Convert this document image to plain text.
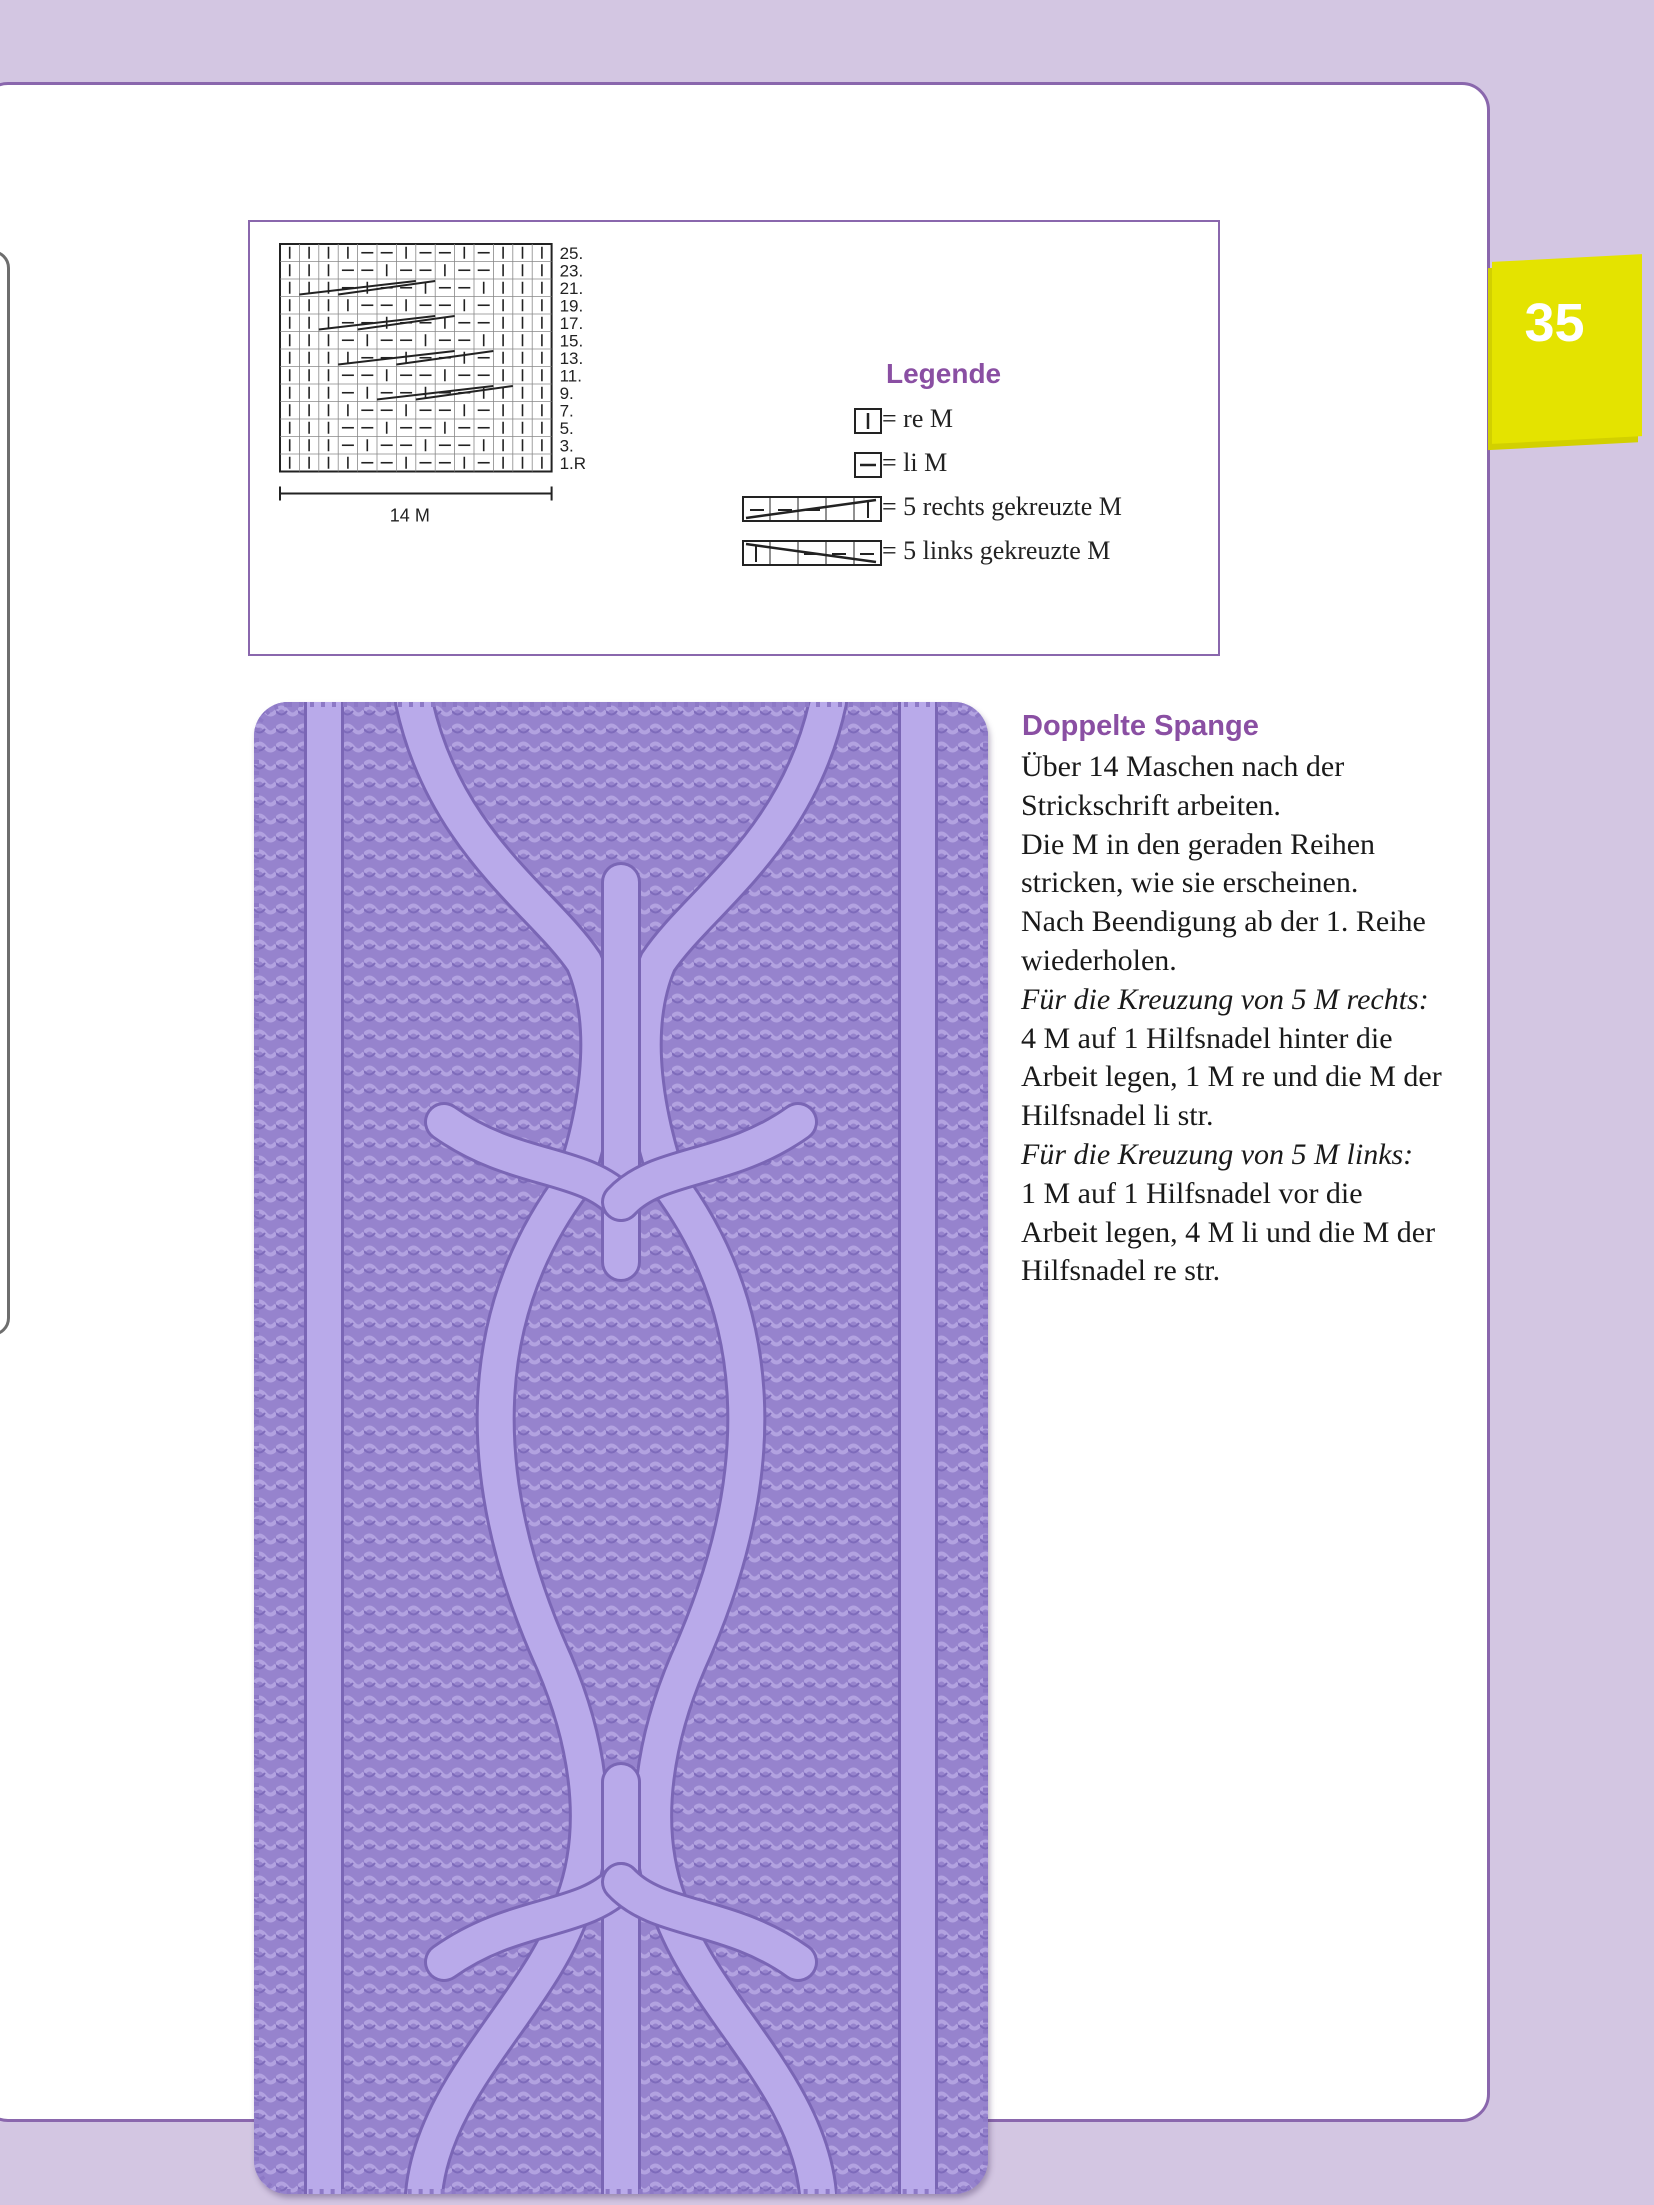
35
25.
23.
21.
19.
17.
15.
13.
11.
9.
7.
5.
3.
1.R
14 M
Legende
= re M
= li M
= 5 rechts gekreuzte M
= 5 links gekreuzte M
Doppelte Spange

Über 14 Maschen nach der

Strickschrift arbeiten.

Die M in den geraden Reihen

stricken, wie sie erscheinen.

Nach Beendigung ab der 1. Reihe

wiederholen.

Für die Kreuzung von 5 M rechts:

4 M auf 1 Hilfsnadel hinter die

Arbeit legen, 1 M re und die M der

Hilfsnadel li str.

Für die Kreuzung von 5 M links:

1 M auf 1 Hilfsnadel vor die

Arbeit legen, 4 M li und die M der

Hilfsnadel re str.
